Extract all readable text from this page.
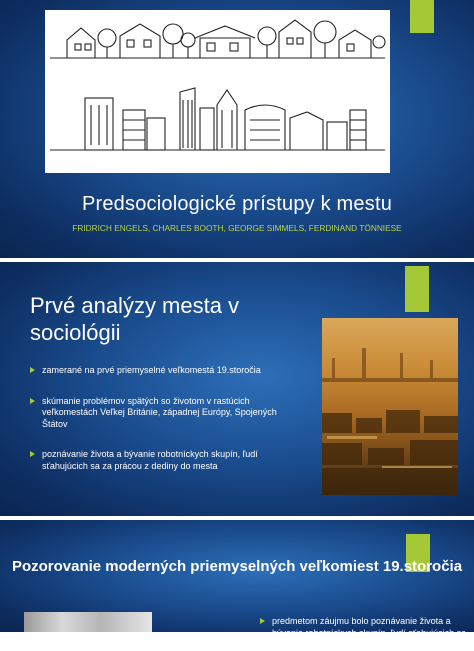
Predsociologické prístupy k mestu
FRIDRICH ENGELS, CHARLES BOOTH, GEORGE SIMMELS, FERDINAND TÖNNIESE
Prvé analýzy mesta v sociológii
zamerané na prvé priemyselné veľkomestá 19.storočia
skúmanie problémov spätých so životom v rastúcich veľkomestách Veľkej Británie, západnej Európy, Spojených Štátov
poznávanie života a bývanie robotníckych skupín, ľudí sťahujúcich sa za prácou z dediny do mesta
Pozorovanie moderných priemyselných veľkomiest 19.storočia
predmetom záujmu bolo poznávanie života a bývanie robotníckych skupín, ľudí sťahujúcich sa za
